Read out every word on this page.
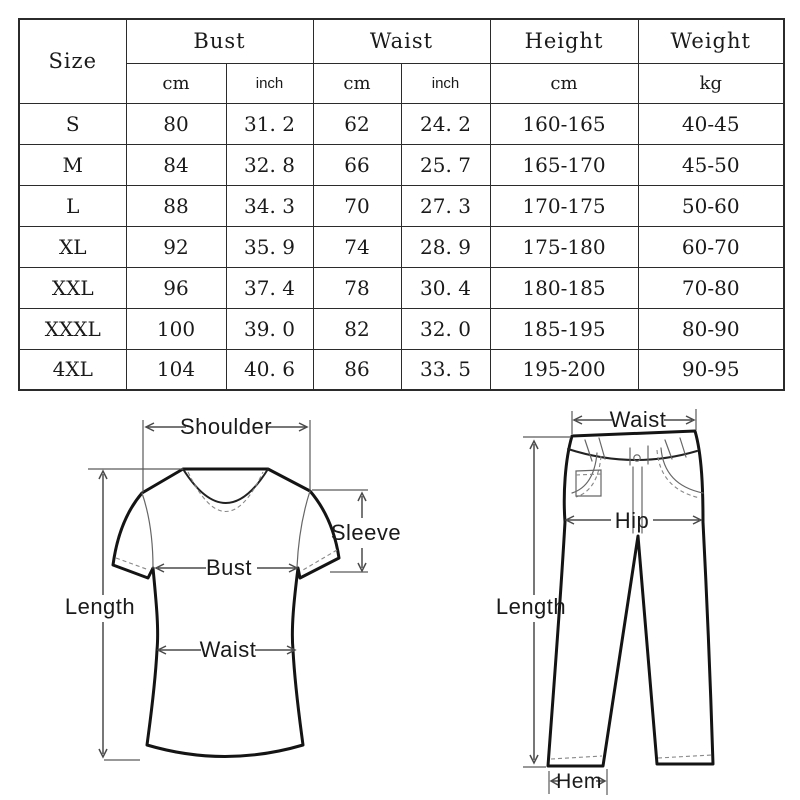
Size	Bust		Waist		Height	Weight
	cm	inch	cm	inch	cm	kg
S	80	31. 2	62	24. 2	160-165	40-45
M	84	32. 8	66	25. 7	165-170	45-50
L	88	34. 3	70	27. 3	170-175	50-60
XL	92	35. 9	74	28. 9	175-180	60-70
XXL	96	37. 4	78	30. 4	180-185	70-80
XXXL	100	39. 0	82	32. 0	185-195	80-90
4XL	104	40. 6	86	33. 5	195-200	90-95
Shoulder
Length
Sleeve
Bust
Waist
Waist
Hip
Length
Hem
